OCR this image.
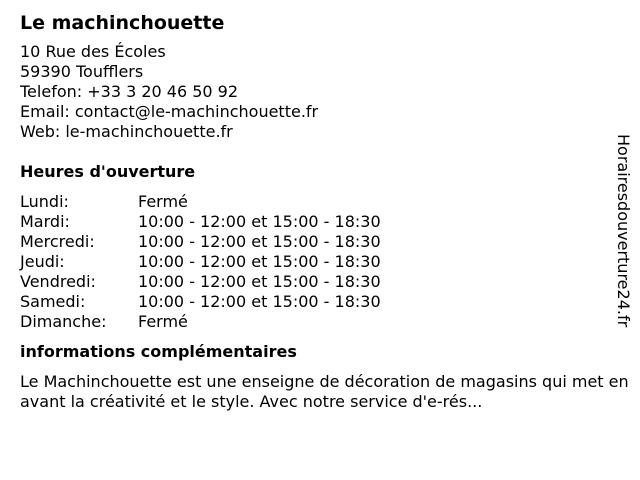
Le machinchouette
10 Rue des Écoles
59390 Toufflers
Telefon: +33 3 20 46 50 92
Email: contact@le-machinchouette.fr
Web: le-machinchouette.fr
Heures d'ouverture
Lundi:	Fermé
Mardi:	10:00 - 12:00 et 15:00 - 18:30
Mercredi:	10:00 - 12:00 et 15:00 - 18:30
Jeudi:	10:00 - 12:00 et 15:00 - 18:30
Vendredi:	10:00 - 12:00 et 15:00 - 18:30
Samedi:	10:00 - 12:00 et 15:00 - 18:30
Dimanche:	Fermé
informations complémentaires
Le Machinchouette est une enseigne de décoration de magasins qui met en avant la créativité et le style. Avec notre service d'e-rés...
Horairesdouverture24.fr
